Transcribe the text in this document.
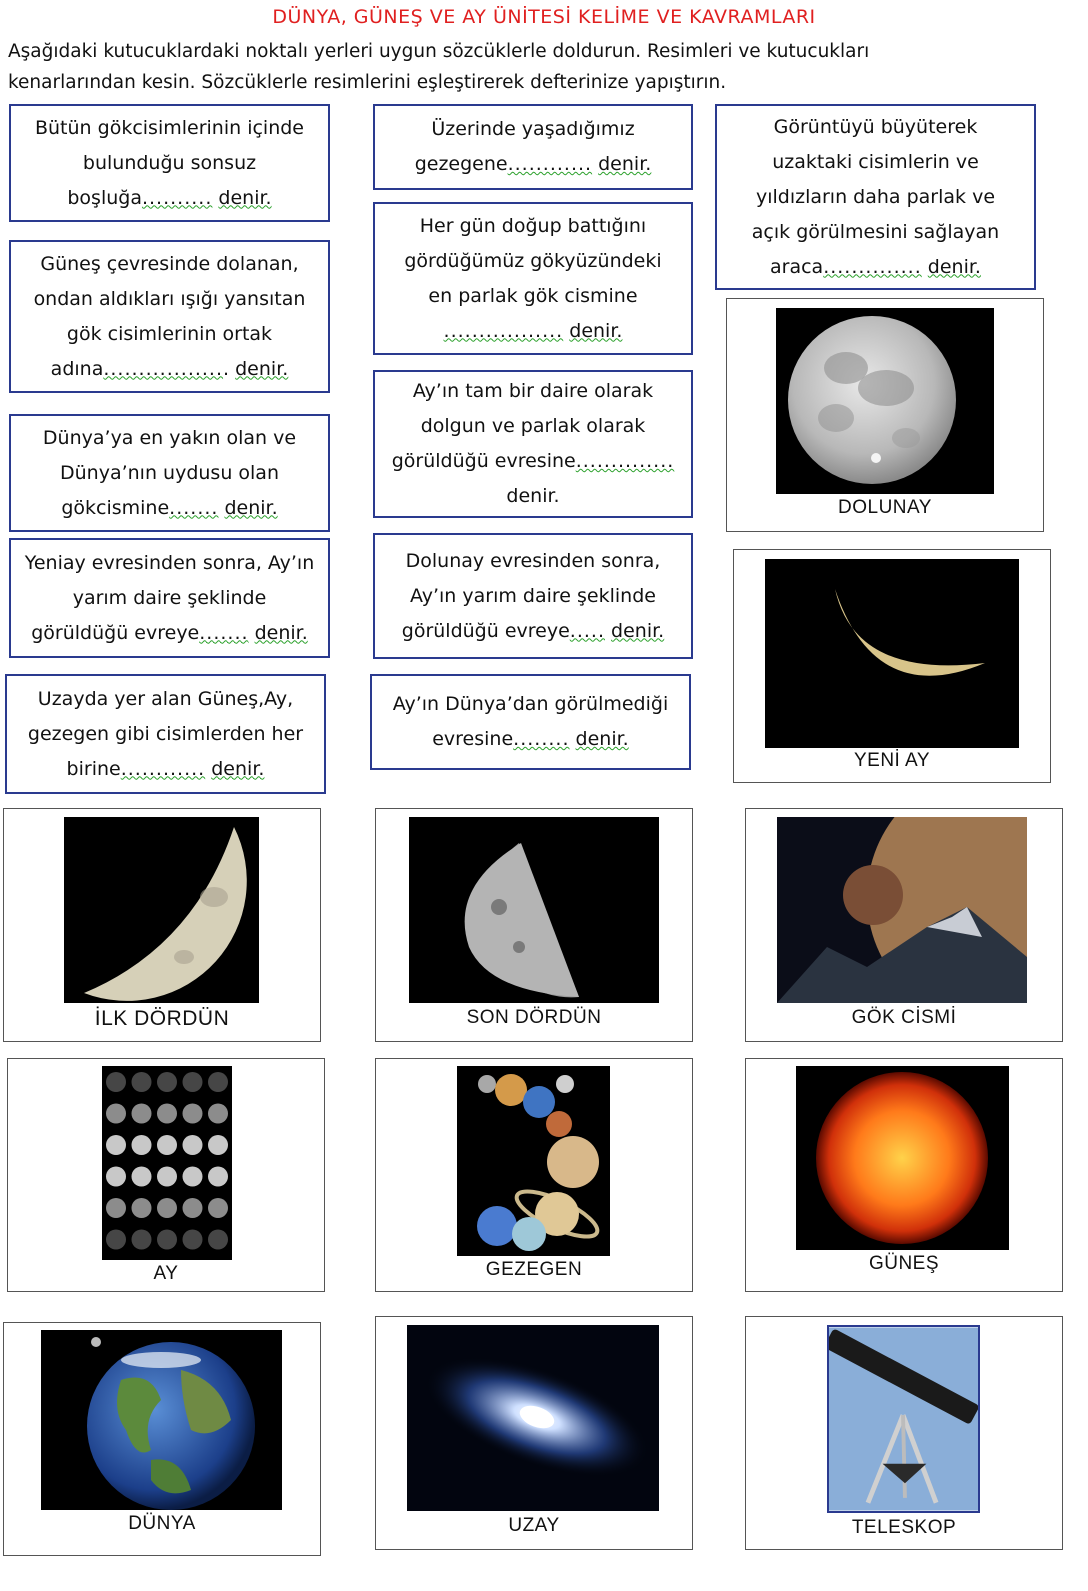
DÜNYA, GÜNEŞ VE AY ÜNİTESİ KELİME VE KAVRAMLARI
Aşağıdaki kutucuklardaki noktalı yerleri uygun sözcüklerle doldurun. Resimleri ve kutucukları
kenarlarından kesin. Sözcüklerle resimlerini eşleştirerek defterinize yapıştırın.

Bütün gökcisimlerinin içinde
bulunduğu sonsuz
boşluğa.......... denir.

Güneş çevresinde dolanan,
ondan aldıkları ışığı yansıtan
gök cisimlerinin ortak
adına.................. denir.

Dünya’ya en yakın olan ve
Dünya’nın uydusu olan
gökcismine....... denir.

Yeniay evresinden sonra, Ay’ın
yarım daire şeklinde
görüldüğü evreye....... denir.

Uzayda yer alan Güneş,Ay,
gezegen gibi cisimlerden her
birine............ denir.

Üzerinde yaşadığımız
gezegene............ denir.

Her gün doğup battığını
gördüğümüz gökyüzündeki
en parlak gök cismine
................. denir.

Ay’ın tam bir daire olarak
dolgun ve parlak olarak
görüldüğü evresine..............
denir.

Dolunay evresinden sonra,
Ay’ın yarım daire şeklinde
görüldüğü evreye..... denir.

Ay’ın Dünya’dan görülmediği
evresine........ denir.

Görüntüyü büyüterek
uzaktaki cisimlerin ve
yıldızların daha parlak ve
açık görülmesini sağlayan
araca.............. denir.

DOLUNAY
YENİ AY
İLK DÖRDÜN	SON DÖRDÜN	GÖK CİSMİ
AY	GEZEGEN	GÜNEŞ
DÜNYA	UZAY	TELESKOP
